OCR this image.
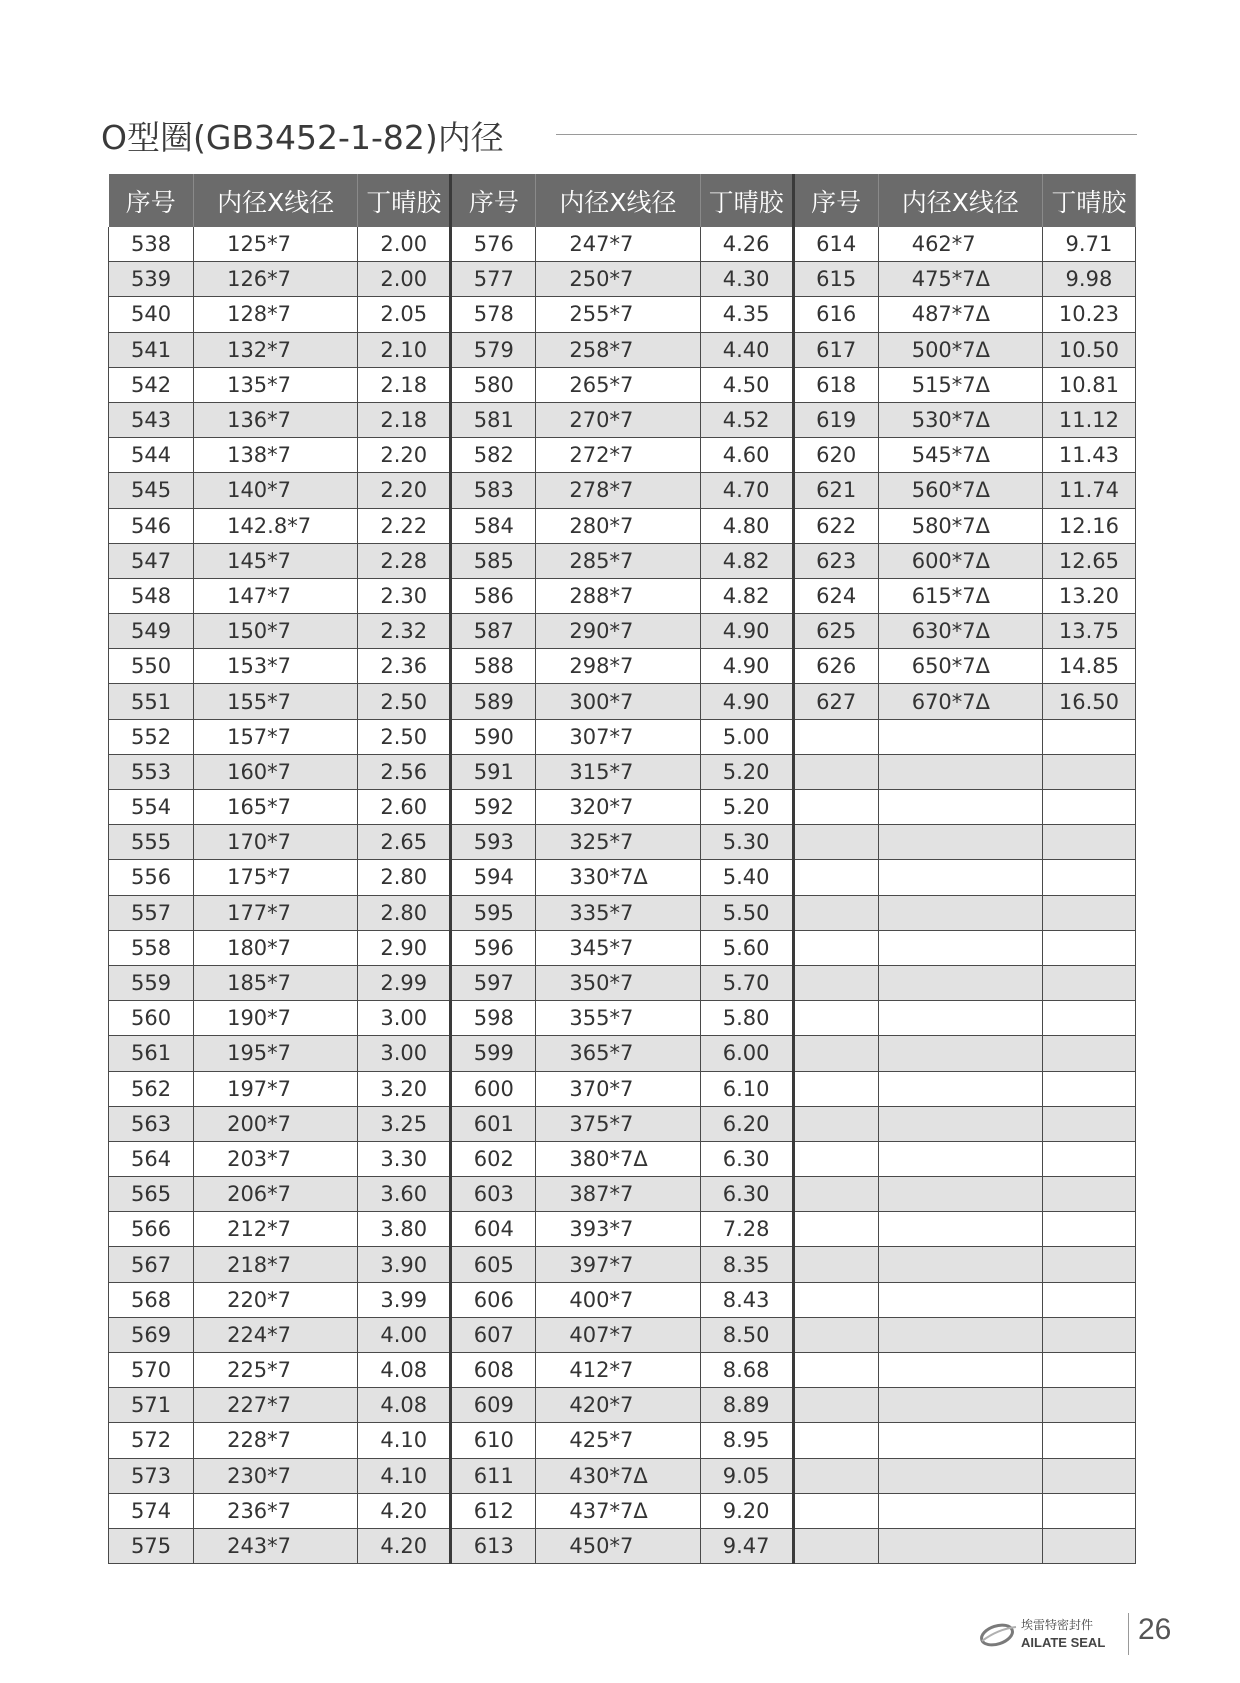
O型圈(GB3452-1-82)内径
序号	内径X线径	丁晴胶	序号	内径X线径	丁晴胶	序号	内径X线径	丁晴胶
538	125*7	2.00	576	247*7	4.26	614	462*7	9.71
539	126*7	2.00	577	250*7	4.30	615	475*7Δ	9.98
540	128*7	2.05	578	255*7	4.35	616	487*7Δ	10.23
541	132*7	2.10	579	258*7	4.40	617	500*7Δ	10.50
542	135*7	2.18	580	265*7	4.50	618	515*7Δ	10.81
543	136*7	2.18	581	270*7	4.52	619	530*7Δ	11.12
544	138*7	2.20	582	272*7	4.60	620	545*7Δ	11.43
545	140*7	2.20	583	278*7	4.70	621	560*7Δ	11.74
546	142.8*7	2.22	584	280*7	4.80	622	580*7Δ	12.16
547	145*7	2.28	585	285*7	4.82	623	600*7Δ	12.65
548	147*7	2.30	586	288*7	4.82	624	615*7Δ	13.20
549	150*7	2.32	587	290*7	4.90	625	630*7Δ	13.75
550	153*7	2.36	588	298*7	4.90	626	650*7Δ	14.85
551	155*7	2.50	589	300*7	4.90	627	670*7Δ	16.50
552	157*7	2.50	590	307*7	5.00			
553	160*7	2.56	591	315*7	5.20			
554	165*7	2.60	592	320*7	5.20			
555	170*7	2.65	593	325*7	5.30			
556	175*7	2.80	594	330*7Δ	5.40			
557	177*7	2.80	595	335*7	5.50			
558	180*7	2.90	596	345*7	5.60			
559	185*7	2.99	597	350*7	5.70			
560	190*7	3.00	598	355*7	5.80			
561	195*7	3.00	599	365*7	6.00			
562	197*7	3.20	600	370*7	6.10			
563	200*7	3.25	601	375*7	6.20			
564	203*7	3.30	602	380*7Δ	6.30			
565	206*7	3.60	603	387*7	6.30			
566	212*7	3.80	604	393*7	7.28			
567	218*7	3.90	605	397*7	8.35			
568	220*7	3.99	606	400*7	8.43			
569	224*7	4.00	607	407*7	8.50			
570	225*7	4.08	608	412*7	8.68			
571	227*7	4.08	609	420*7	8.89			
572	228*7	4.10	610	425*7	8.95			
573	230*7	4.10	611	430*7Δ	9.05			
574	236*7	4.20	612	437*7Δ	9.20			
575	243*7	4.20	613	450*7	9.47			
埃雷特密封件
AILATE SEAL 26
